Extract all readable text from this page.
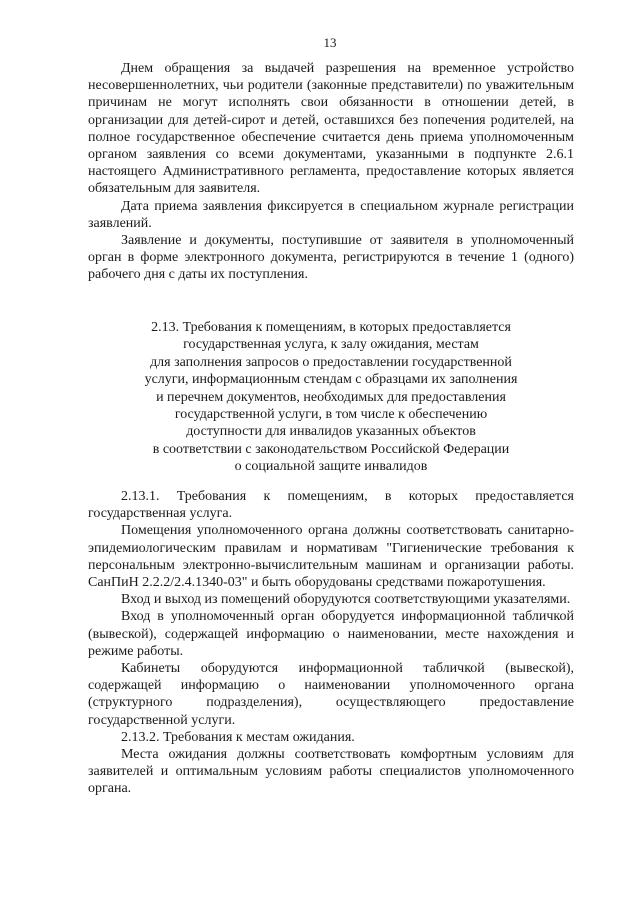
13

Днем обращения за выдачей разрешения на временное устройство несовершеннолетних, чьи родители (законные представители) по уважительным причинам не могут исполнять свои обязанности в отношении детей, в организации для детей-сирот и детей, оставшихся без попечения родителей, на полное государственное обеспечение считается день приема уполномоченным органом заявления со всеми документами, указанными в подпункте 2.6.1 настоящего Административного регламента, предоставление которых является обязательным для заявителя.

Дата приема заявления фиксируется в специальном журнале регистрации заявлений.

Заявление и документы, поступившие от заявителя в уполномоченный орган в форме электронного документа, регистрируются в течение 1 (одного) рабочего дня с даты их поступления.

2.13. Требования к помещениям, в которых предоставляется
государственная услуга, к залу ожидания, местам
для заполнения запросов о предоставлении государственной
услуги, информационным стендам с образцами их заполнения
и перечнем документов, необходимых для предоставления
государственной услуги, в том числе к обеспечению
доступности для инвалидов указанных объектов
в соответствии с законодательством Российской Федерации
о социальной защите инвалидов

2.13.1. Требования к помещениям, в которых предоставляется государственная услуга.

Помещения уполномоченного органа должны соответствовать санитарно-эпидемиологическим правилам и нормативам "Гигиенические требования к персональным электронно-вычислительным машинам и организации работы. СанПиН 2.2.2/2.4.1340-03" и быть оборудованы средствами пожаротушения.

Вход и выход из помещений оборудуются соответствующими указателями.

Вход в уполномоченный орган оборудуется информационной табличкой (вывеской), содержащей информацию о наименовании, месте нахождения и режиме работы.

Кабинеты оборудуются информационной табличкой (вывеской), содержащей информацию о наименовании уполномоченного органа (структурного подразделения), осуществляющего предоставление государственной услуги.

2.13.2. Требования к местам ожидания.

Места ожидания должны соответствовать комфортным условиям для заявителей и оптимальным условиям работы специалистов уполномоченного органа.
